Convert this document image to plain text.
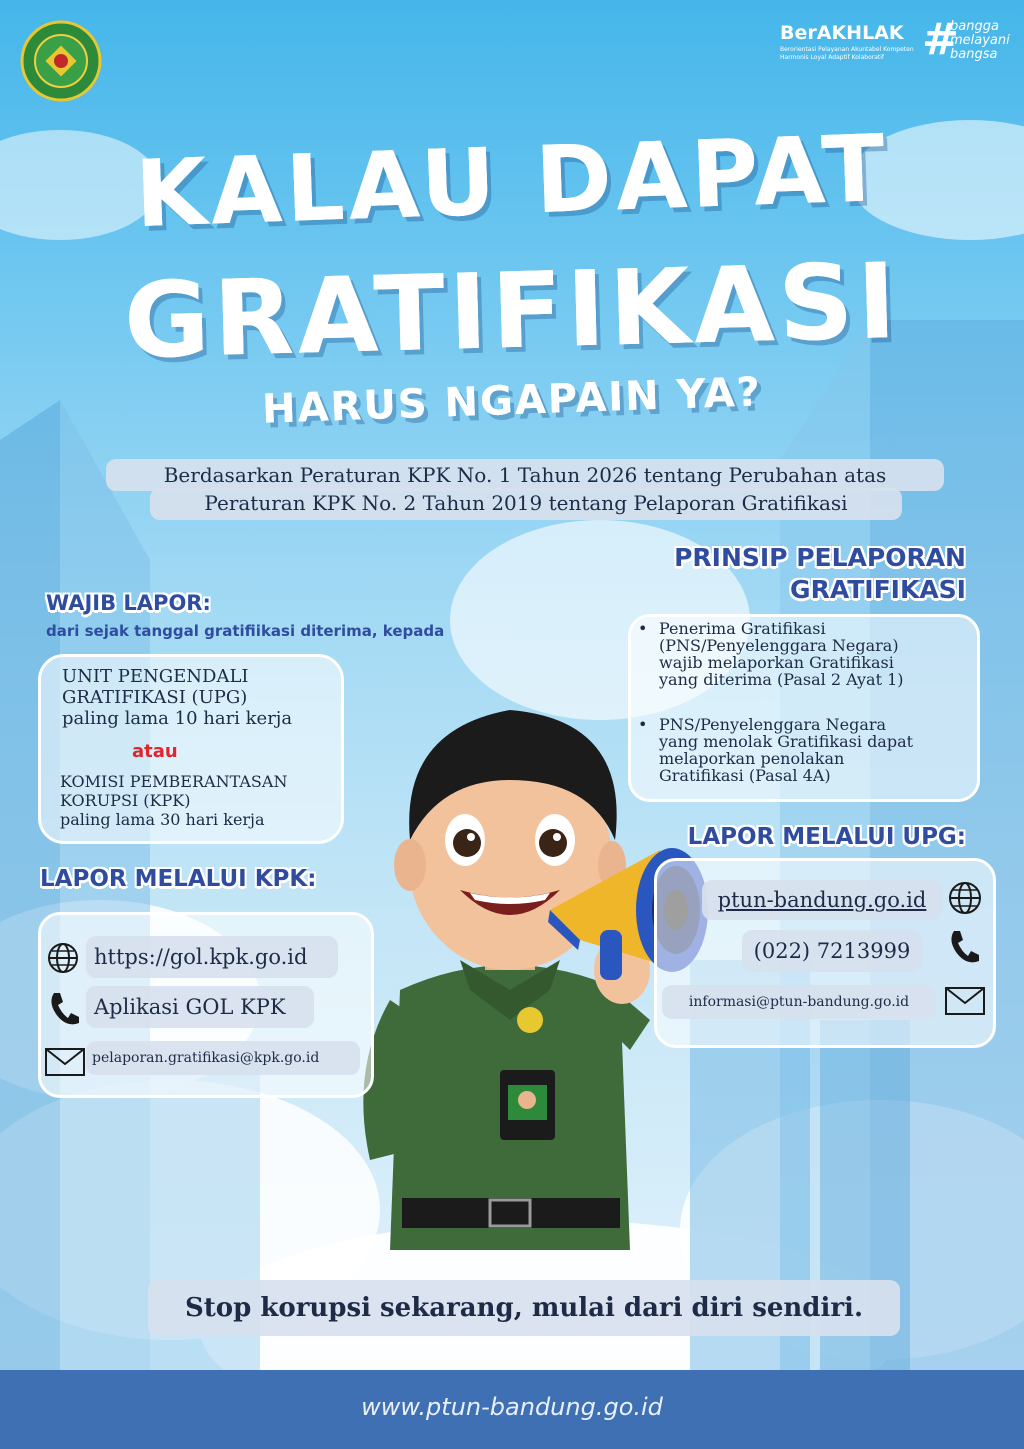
BerAKHLAK
Berorientasi Pelayanan Akuntabel Kompeten
Harmonis Loyal Adaptif Kolaboratif #
bangga
melayani
bangsa
KALAU DAPAT
GRATIFIKASI
HARUS NGAPAIN YA?
Berdasarkan Peraturan KPK No. 1 Tahun 2026 tentang Perubahan atas
Peraturan KPK No. 2 Tahun 2019 tentang Pelaporan Gratifikasi
WAJIB LAPOR:
dari sejak tanggal gratifiikasi diterima, kepada
UNIT PENGENDALI
GRATIFIKASI (UPG)
paling lama 10 hari kerja
atau
KOMISI PEMBERANTASAN
KORUPSI (KPK)
paling lama 30 hari kerja
PRINSIP PELAPORAN
GRATIFIKASI
• Penerima Gratifikasi
(PNS/Penyelenggara Negara)
wajib melaporkan Gratifikasi
yang diterima (Pasal 2 Ayat 1)
• PNS/Penyelenggara Negara
yang menolak Gratifikasi dapat
melaporkan penolakan
Gratifikasi (Pasal 4A)
LAPOR MELALUI KPK:
https://gol.kpk.go.id
Aplikasi GOL KPK
pelaporan.gratifikasi@kpk.go.id
LAPOR MELALUI UPG:
ptun-bandung.go.id
(022) 7213999
informasi@ptun-bandung.go.id
Stop korupsi sekarang, mulai dari diri sendiri.
www.ptun-bandung.go.id
